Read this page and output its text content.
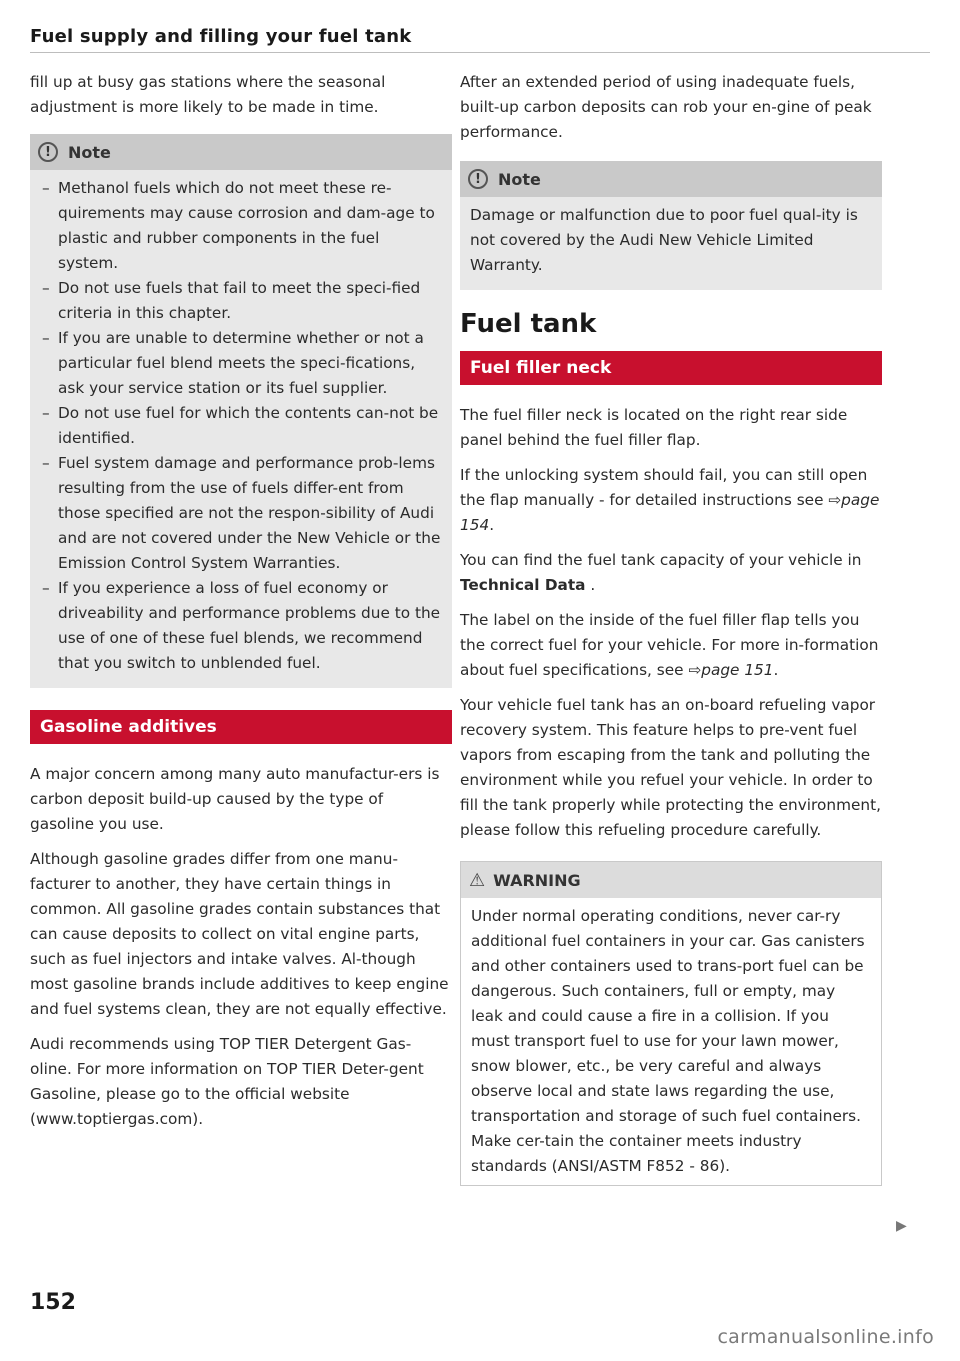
Fuel supply and filling your fuel tank

fill up at busy gas stations where the seasonal adjustment is more likely to be made in time.

!	Note
– Methanol fuels which do not meet these re-quirements may cause corrosion and dam-age to plastic and rubber components in the fuel system.
– Do not use fuels that fail to meet the speci-fied criteria in this chapter.
– If you are unable to determine whether or not a particular fuel blend meets the speci-fications, ask your service station or its fuel supplier.
– Do not use fuel for which the contents can-not be identified.
– Fuel system damage and performance prob-lems resulting from the use of fuels differ-ent from those specified are not the respon-sibility of Audi and are not covered under the New Vehicle or the Emission Control System Warranties.
– If you experience a loss of fuel economy or driveability and performance problems due to the use of one of these fuel blends, we recommend that you switch to unblended fuel.
Gasoline additives

A major concern among many auto manufactur-ers is carbon deposit build-up caused by the type of gasoline you use.

Although gasoline grades differ from one manu-facturer to another, they have certain things in common. All gasoline grades contain substances that can cause deposits to collect on vital engine parts, such as fuel injectors and intake valves. Al-though most gasoline brands include additives to keep engine and fuel systems clean, they are not equally effective.

Audi recommends using TOP TIER Detergent Gas-oline. For more information on TOP TIER Deter-gent Gasoline, please go to the official website (www.toptiergas.com).

After an extended period of using inadequate fuels, built-up carbon deposits can rob your en-gine of peak performance.

!	Note

Damage or malfunction due to poor fuel qual-ity is not covered by the Audi New Vehicle Limited Warranty.

Fuel tank
Fuel filler neck

The fuel filler neck is located on the right rear side panel behind the fuel filler flap.

If the unlocking system should fail, you can still open the flap manually - for detailed instructions see ⇨page 154.

You can find the fuel tank capacity of your vehicle in Technical Data .

The label on the inside of the fuel filler flap tells you the correct fuel for your vehicle. For more in-formation about fuel specifications, see ⇨page 151.

Your vehicle fuel tank has an on-board refueling vapor recovery system. This feature helps to pre-vent fuel vapors from escaping from the tank and polluting the environment while you refuel your vehicle. In order to fill the tank properly while protecting the environment, please follow this refueling procedure carefully.

⚠ WARNING

Under normal operating conditions, never car-ry additional fuel containers in your car. Gas canisters and other containers used to trans-port fuel can be dangerous. Such containers, full or empty, may leak and could cause a fire in a collision. If you must transport fuel to use for your lawn mower, snow blower, etc., be very careful and always observe local and state laws regarding the use, transportation and storage of such fuel containers. Make cer-tain the container meets industry standards (ANSI/ASTM F852 - 86).

▶
152
carmanualsonline.info
